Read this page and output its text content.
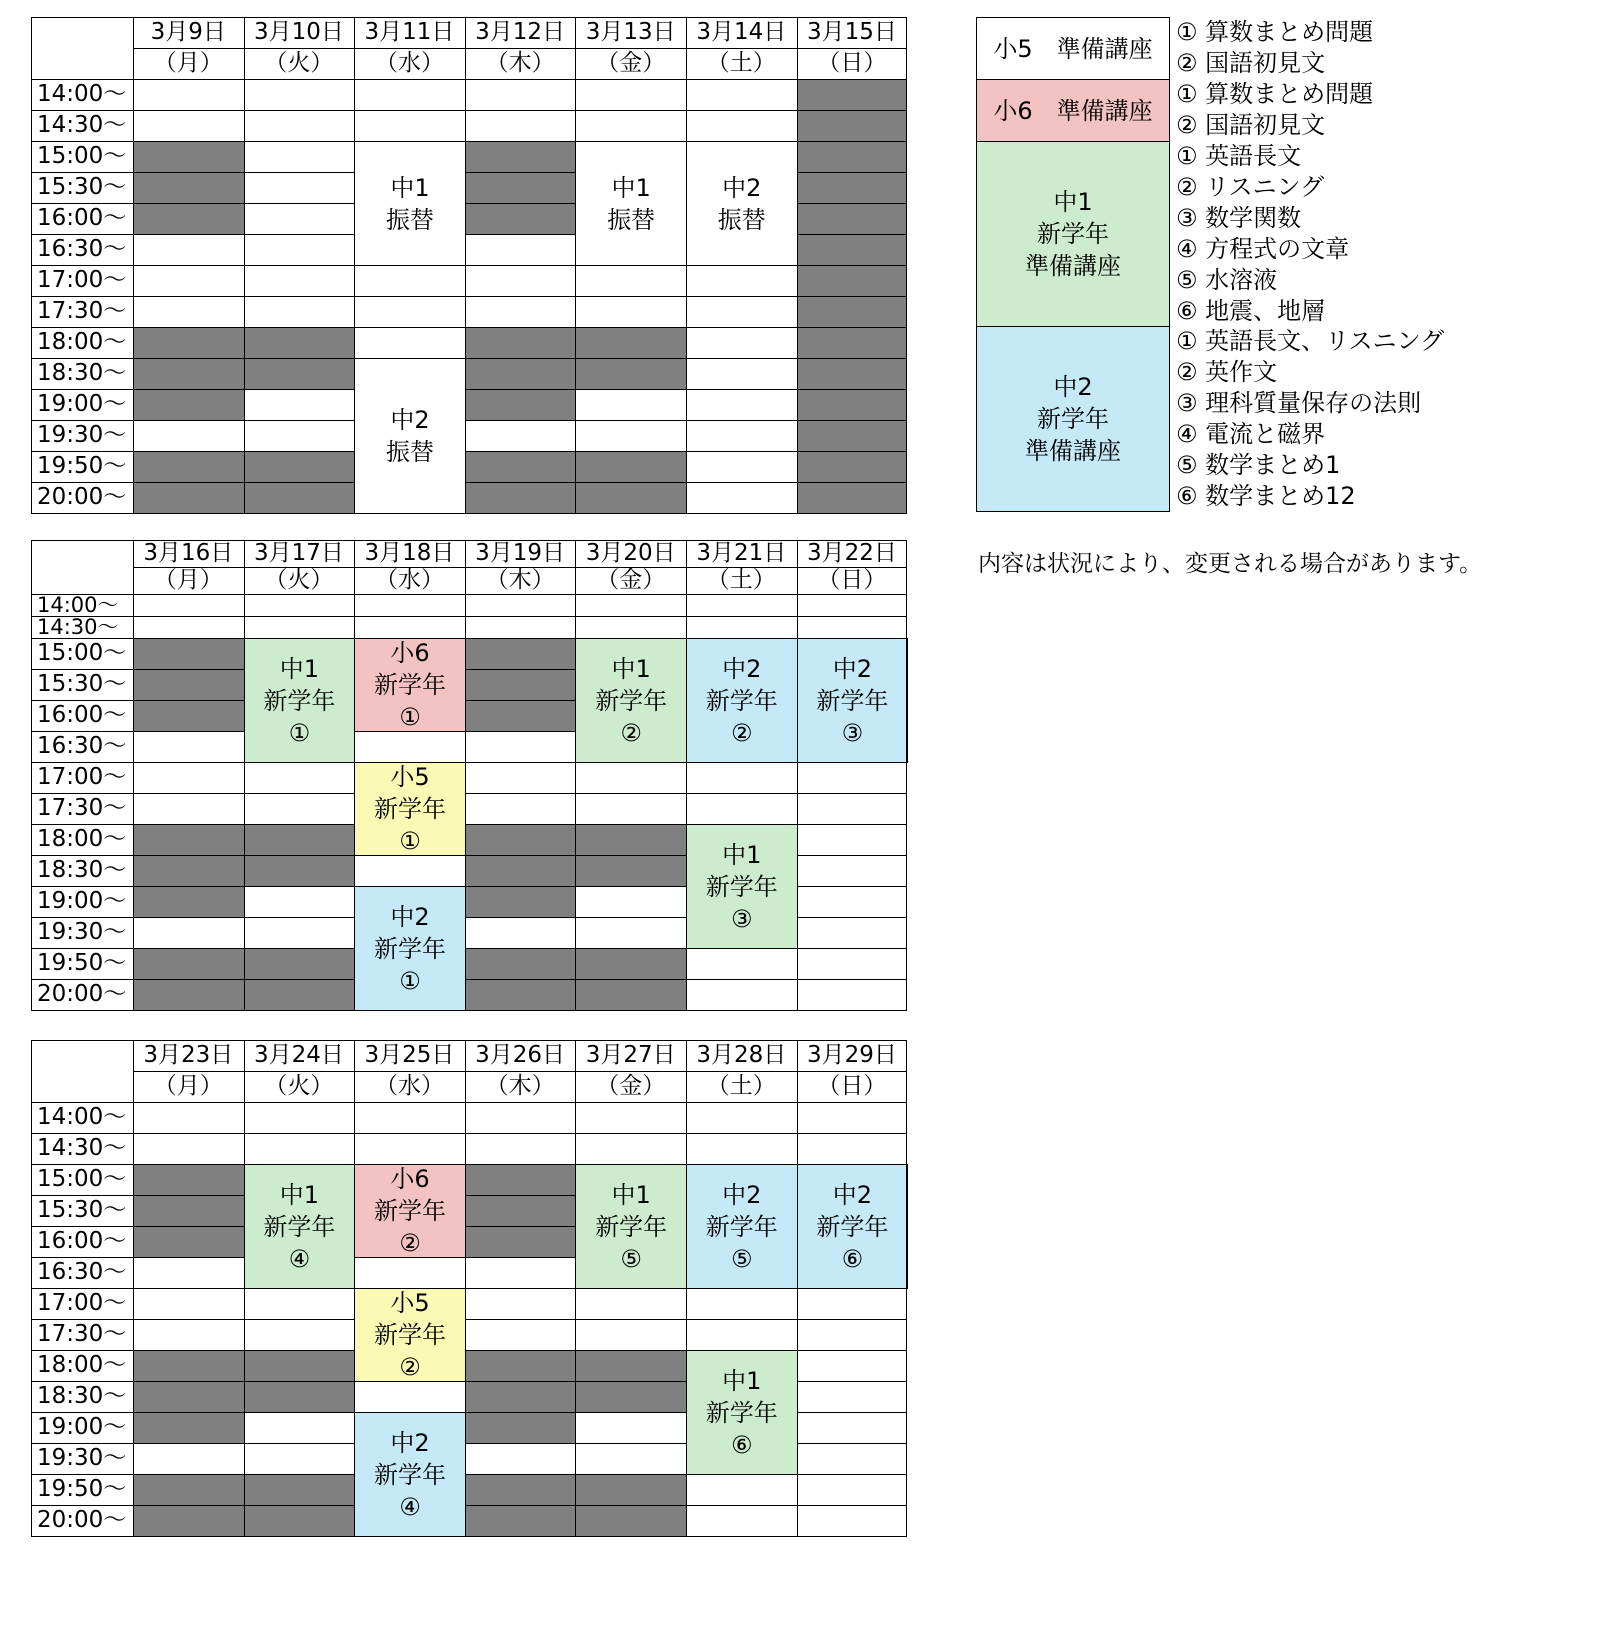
3月9日
（月）
3月10日
（火）
3月11日
（水）
3月12日
（木）
3月13日
（金）
3月14日
（土）
3月15日
（日）
14:00～
14:30～
15:00～
15:30～
16:00～
16:30～
17:00～
17:30～
18:00～
18:30～
19:00～
19:30～
19:50～
20:00～
中1
振替
中2
振替
中1
振替
中2
振替
3月16日
（月）
3月17日
（火）
3月18日
（水）
3月19日
（木）
3月20日
（金）
3月21日
（土）
3月22日
（日）
14:00～
14:30～
15:00～
15:30～
16:00～
16:30～
17:00～
17:30～
18:00～
18:30～
19:00～
19:30～
19:50～
20:00～
中1
新学年
①
小6
新学年
①
小5
新学年
①
中2
新学年
①
中1
新学年
②
中2
新学年
②
中1
新学年
③
中2
新学年
③
3月23日
（月）
3月24日
（火）
3月25日
（水）
3月26日
（木）
3月27日
（金）
3月28日
（土）
3月29日
（日）
14:00～
14:30～
15:00～
15:30～
16:00～
16:30～
17:00～
17:30～
18:00～
18:30～
19:00～
19:30～
19:50～
20:00～
中1
新学年
④
小6
新学年
②
小5
新学年
②
中2
新学年
④
中1
新学年
⑤
中2
新学年
⑤
中1
新学年
⑥
中2
新学年
⑥
小5　準備講座
① 算数まとめ問題
② 国語初見文
小6　準備講座
① 算数まとめ問題
② 国語初見文
中1
新学年
準備講座
① 英語長文
② リスニング
③ 数学関数
④ 方程式の文章
⑤ 水溶液
⑥ 地震、地層
中2
新学年
準備講座
① 英語長文、リスニング
② 英作文
③ 理科質量保存の法則
④ 電流と磁界
⑤ 数学まとめ1
⑥ 数学まとめ12
内容は状況により、変更される場合があります。
